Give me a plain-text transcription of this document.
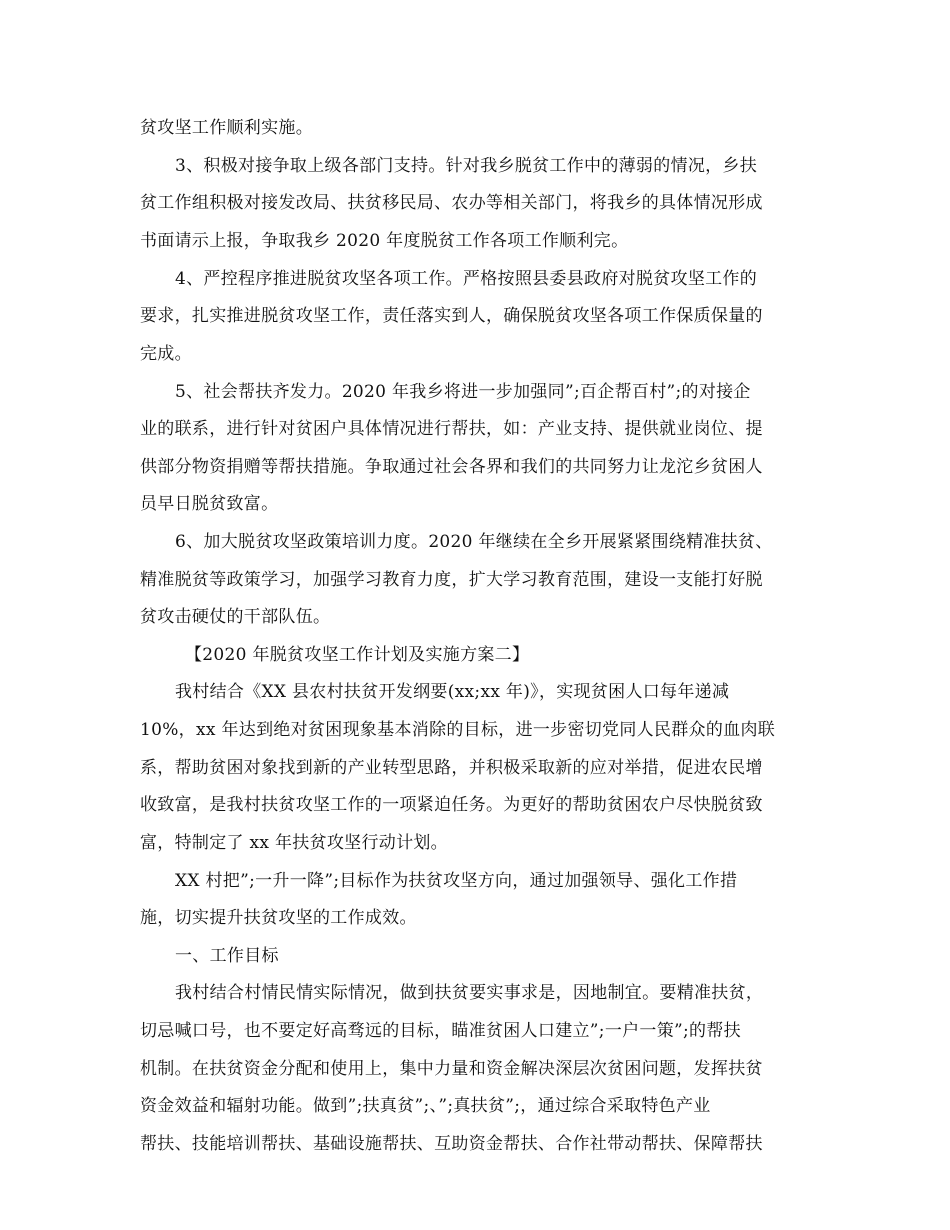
贫攻坚工作顺利实施。
3、积极对接争取上级各部门支持。针对我乡脱贫工作中的薄弱的情况，乡扶
贫工作组积极对接发改局、扶贫移民局、农办等相关部门，将我乡的具体情况形成
书面请示上报，争取我乡 2020 年度脱贫工作各项工作顺利完。
4、严控程序推进脱贫攻坚各项工作。严格按照县委县政府对脱贫攻坚工作的
要求，扎实推进脱贫攻坚工作，责任落实到人，确保脱贫攻坚各项工作保质保量的
完成。
5、社会帮扶齐发力。2020 年我乡将进一步加强同”;百企帮百村”;的对接企
业的联系，进行针对贫困户具体情况进行帮扶，如：产业支持、提供就业岗位、提
供部分物资捐赠等帮扶措施。争取通过社会各界和我们的共同努力让龙沱乡贫困人
员早日脱贫致富。
6、加大脱贫攻坚政策培训力度。2020 年继续在全乡开展紧紧围绕精准扶贫、
精准脱贫等政策学习，加强学习教育力度，扩大学习教育范围，建设一支能打好脱
贫攻击硬仗的干部队伍。
【2020 年脱贫攻坚工作计划及实施方案二】
我村结合《XX 县农村扶贫开发纲要(xx;xx 年)》，实现贫困人口每年递减
10%，xx 年达到绝对贫困现象基本消除的目标，进一步密切党同人民群众的血肉联
系，帮助贫困对象找到新的产业转型思路，并积极采取新的应对举措，促进农民增
收致富，是我村扶贫攻坚工作的一项紧迫任务。为更好的帮助贫困农户尽快脱贫致
富，特制定了 xx 年扶贫攻坚行动计划。
XX 村把”;一升一降”;目标作为扶贫攻坚方向，通过加强领导、强化工作措
施，切实提升扶贫攻坚的工作成效。
一、工作目标
我村结合村情民情实际情况，做到扶贫要实事求是，因地制宜。要精准扶贫，
切忌喊口号，也不要定好高骛远的目标，瞄准贫困人口建立”;一户一策”;的帮扶
机制。在扶贫资金分配和使用上，集中力量和资金解决深层次贫困问题，发挥扶贫
资金效益和辐射功能。做到”;扶真贫”;、”;真扶贫”;，通过综合采取特色产业
帮扶、技能培训帮扶、基础设施帮扶、互助资金帮扶、合作社带动帮扶、保障帮扶
